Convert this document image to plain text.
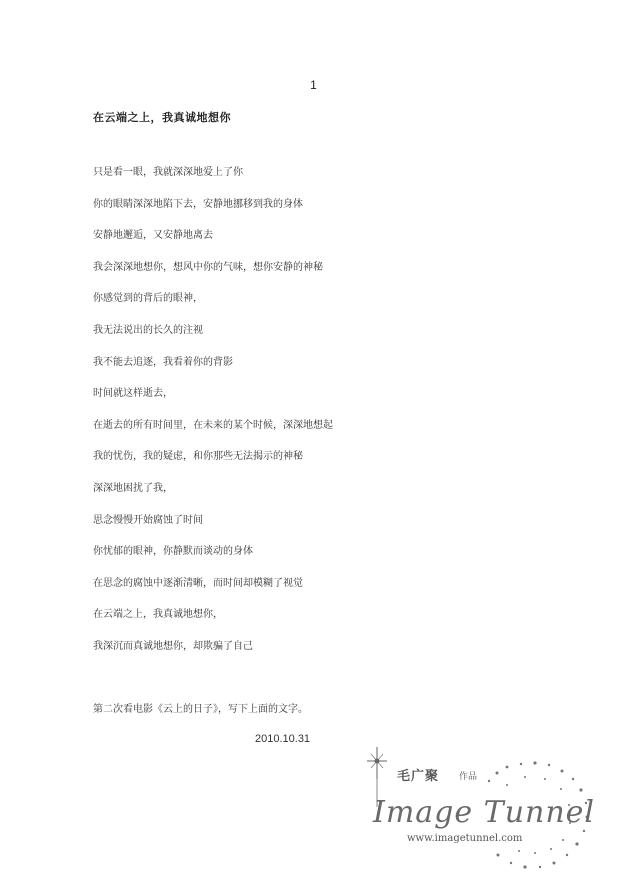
1
在云端之上，我真诚地想你
只是看一眼，我就深深地爱上了你
你的眼睛深深地陷下去，安静地挪移到我的身体
安静地邂逅，又安静地离去
我会深深地想你，想风中你的气味，想你安静的神秘
你感觉到的背后的眼神，
我无法说出的长久的注视
我不能去追逐，我看着你的背影
时间就这样逝去，
在逝去的所有时间里，在未来的某个时候，深深地想起
我的忧伤，我的疑虑，和你那些无法揭示的神秘
深深地困扰了我，
思念慢慢开始腐蚀了时间
你忧郁的眼神，你静默而谈动的身体
在思念的腐蚀中逐渐清晰，而时间却模糊了视觉
在云端之上，我真诚地想你，
我深沉而真诚地想你，却欺骗了自己
第二次看电影《云上的日子》，写下上面的文字。
2010.10.31
毛广聚 作品
Image Tunnel
www.imagetunnel.com
